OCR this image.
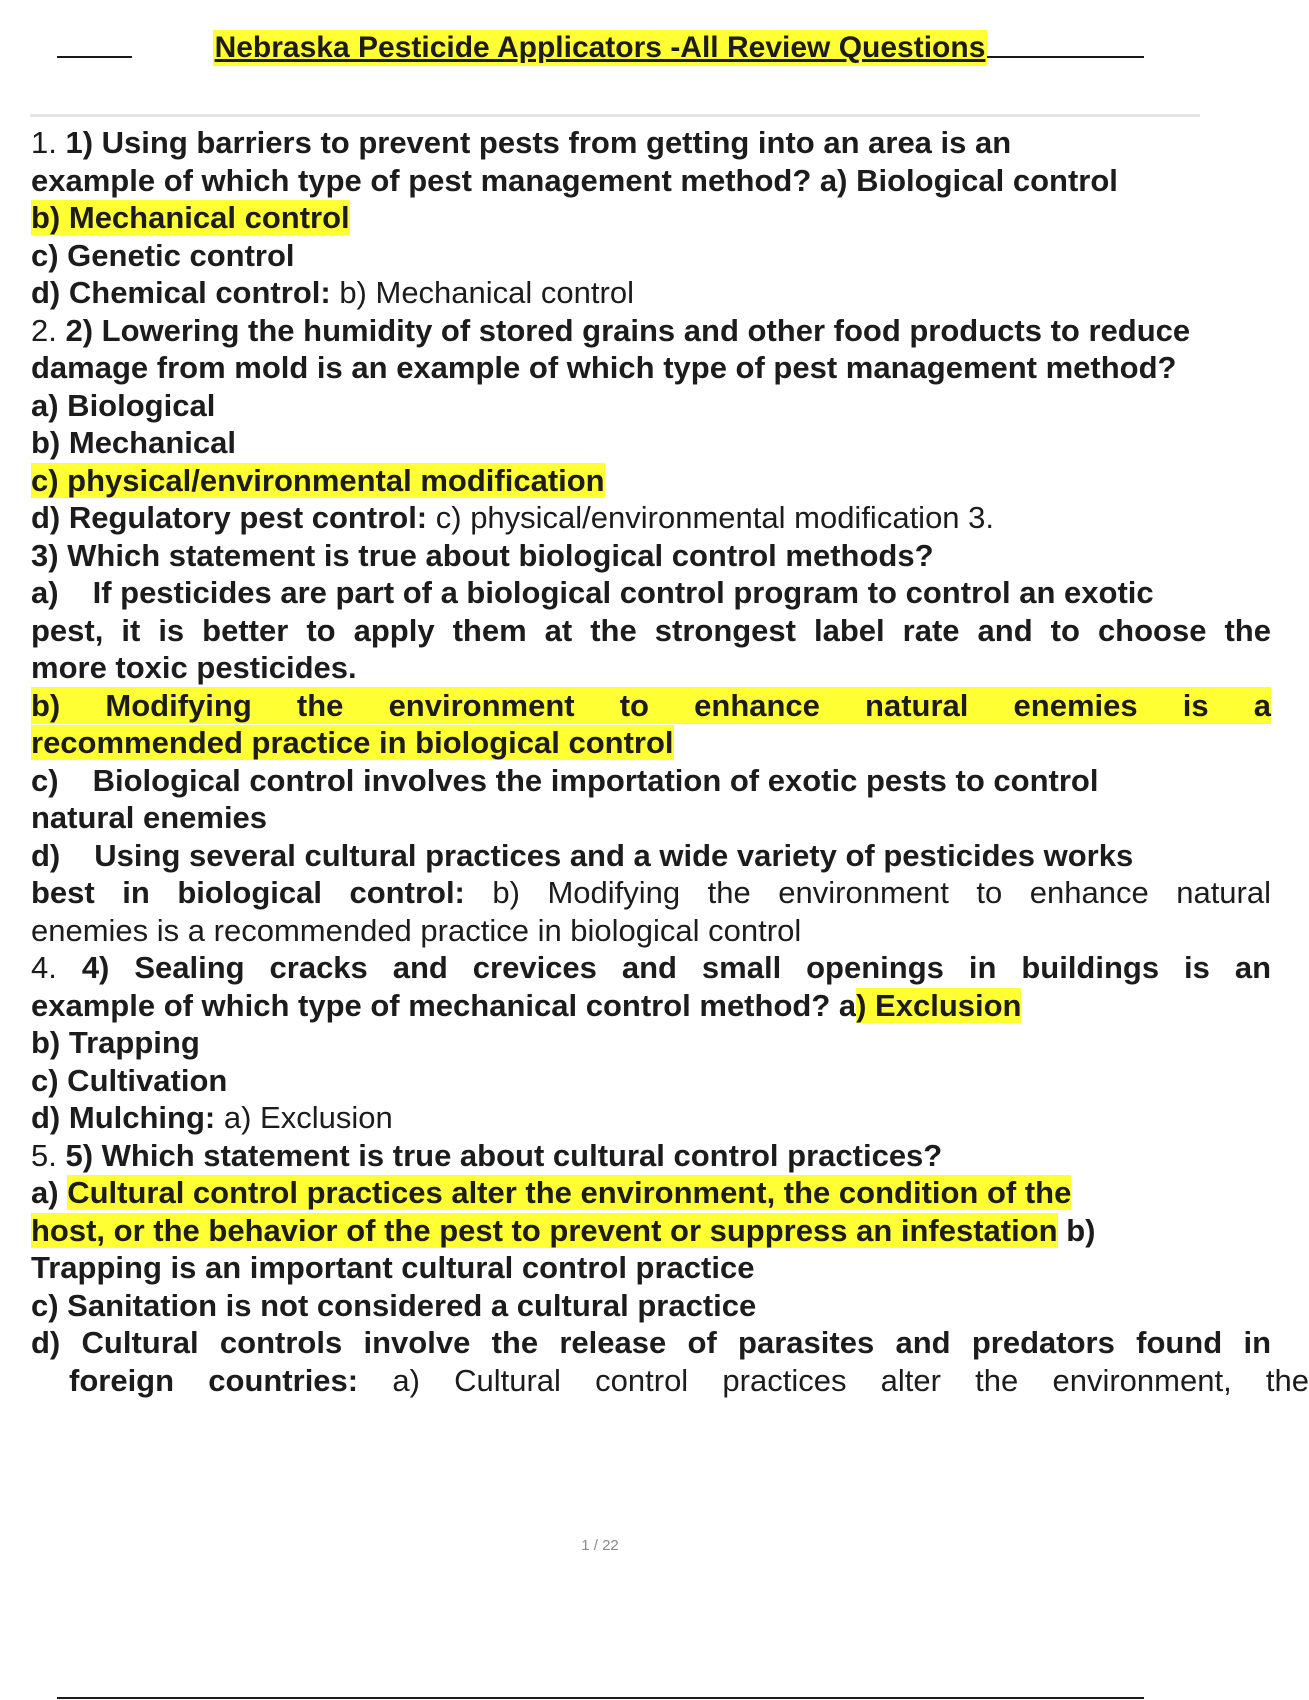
Nebraska Pesticide Applicators -All Review Questions
1. 1) Using barriers to prevent pests from getting into an area is an
example of which type of pest management method? a) Biological control
b) Mechanical control
c) Genetic control
d) Chemical control: b) Mechanical control
2. 2) Lowering the humidity of stored grains and other food products to reduce
damage from mold is an example of which type of pest management method?
a) Biological
b) Mechanical
c) physical/environmental modification
d) Regulatory pest control: c) physical/environmental modification 3.
3) Which statement is true about biological control methods?
a) If pesticides are part of a biological control program to control an exotic
pest, it is better to apply them at the strongest label rate and to choose the
more toxic pesticides.
b) Modifying the environment to enhance natural enemies is a
recommended practice in biological control
c) Biological control involves the importation of exotic pests to control
natural enemies
d) Using several cultural practices and a wide variety of pesticides works
best in biological control: b) Modifying the environment to enhance natural
enemies is a recommended practice in biological control
4. 4) Sealing cracks and crevices and small openings in buildings is an
example of which type of mechanical control method? a) Exclusion
b) Trapping
c) Cultivation
d) Mulching: a) Exclusion
5. 5) Which statement is true about cultural control practices?
a) Cultural control practices alter the environment, the condition of the
host, or the behavior of the pest to prevent or suppress an infestation b)
Trapping is an important cultural control practice
c) Sanitation is not considered a cultural practice
d) Cultural controls involve the release of parasites and predators found in
foreign countries: a) Cultural control practices alter the environment, the
1 / 22
